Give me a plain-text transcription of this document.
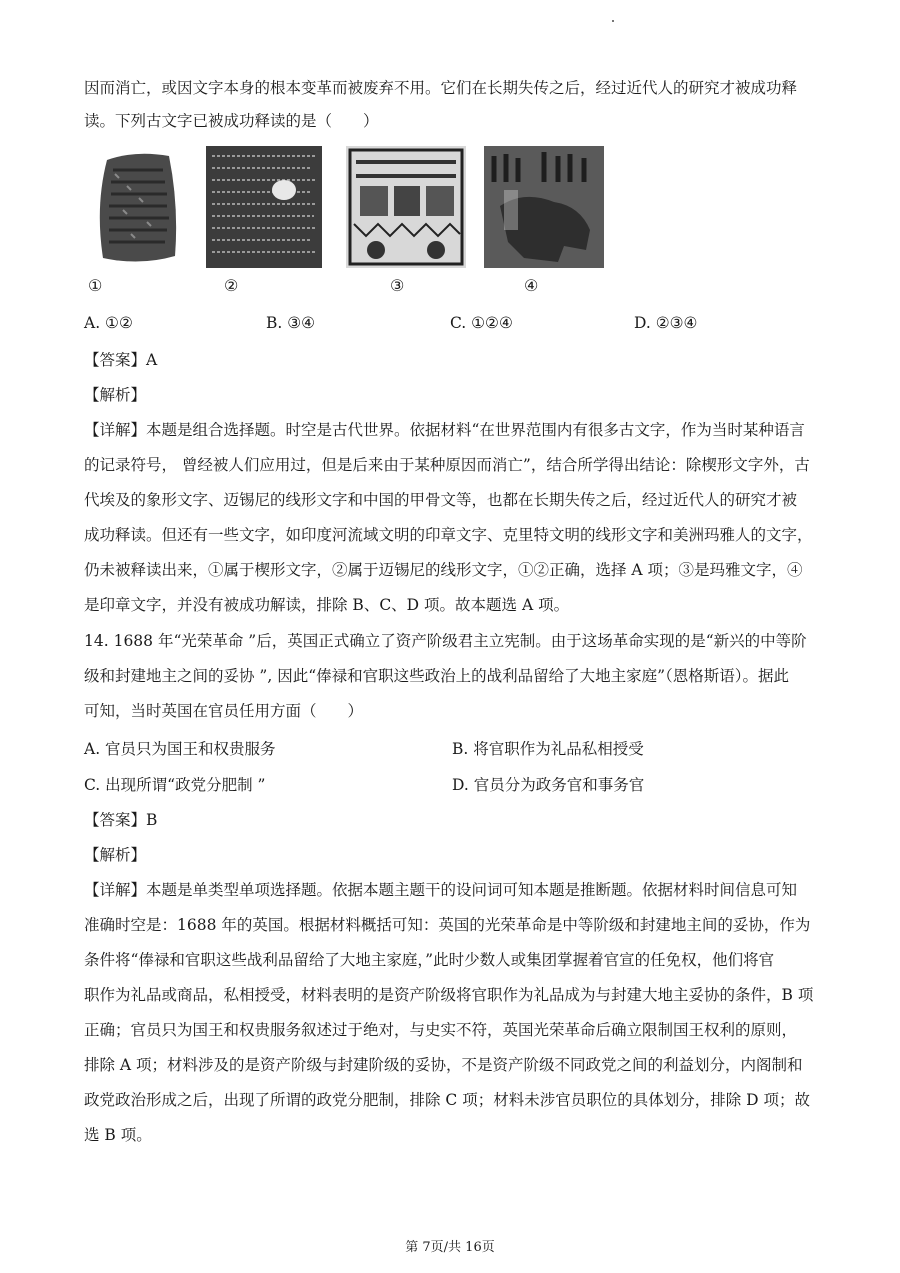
因而消亡，或因文字本身的根本变革而被废弃不用。它们在长期失传之后，经过近代人的研究才被成功释
读。下列古文字已被成功释读的是（　　）
①	②	③	④
A. ①②	B. ③④	C. ①②④	D. ②③④
【答案】A
【解析】
【详解】本题是组合选择题。时空是古代世界。依据材料“在世界范围内有很多古文字，作为当时某种语言
的记录符号， 曾经被人们应用过，但是后来由于某种原因而消亡”，结合所学得出结论：除楔形文字外，古
代埃及的象形文字、迈锡尼的线形文字和中国的甲骨文等，也都在长期失传之后，经过近代人的研究才被
成功释读。但还有一些文字，如印度河流域文明的印章文字、克里特文明的线形文字和美洲玛雅人的文字，
仍未被释读出来，①属于楔形文字，②属于迈锡尼的线形文字，①②正确，选择 A 项；③是玛雅文字，④
是印章文字，并没有被成功解读，排除 B、C、D 项。故本题选 A 项。
14. 1688 年“光荣革命 ”后，英国正式确立了资产阶级君主立宪制。由于这场革命实现的是“新兴的中等阶
级和封建地主之间的妥协 ”, 因此“俸禄和官职这些政治上的战利品留给了大地主家庭”（恩格斯语）。据此
可知，当时英国在官员任用方面（　　）
A. 官员只为国王和权贵服务	B. 将官职作为礼品私相授受
C. 出现所谓“政党分肥制 ”	D. 官员分为政务官和事务官
【答案】B
【解析】
【详解】本题是单类型单项选择题。依据本题主题干的设问词可知本题是推断题。依据材料时间信息可知
准确时空是：1688 年的英国。根据材料概括可知：英国的光荣革命是中等阶级和封建地主间的妥协，作为
条件将“俸禄和官职这些战利品留给了大地主家庭，”此时少数人或集团掌握着官宣的任免权，他们将官
职作为礼品或商品，私相授受，材料表明的是资产阶级将官职作为礼品成为与封建大地主妥协的条件，B 项
正确；官员只为国王和权贵服务叙述过于绝对，与史实不符，英国光荣革命后确立限制国王权利的原则，
排除 A 项；材料涉及的是资产阶级与封建阶级的妥协，不是资产阶级不同政党之间的利益划分，内阁制和
政党政治形成之后，出现了所谓的政党分肥制，排除 C 项；材料未涉官员职位的具体划分，排除 D 项；故
选 B 项。
第 7页/共 16页
